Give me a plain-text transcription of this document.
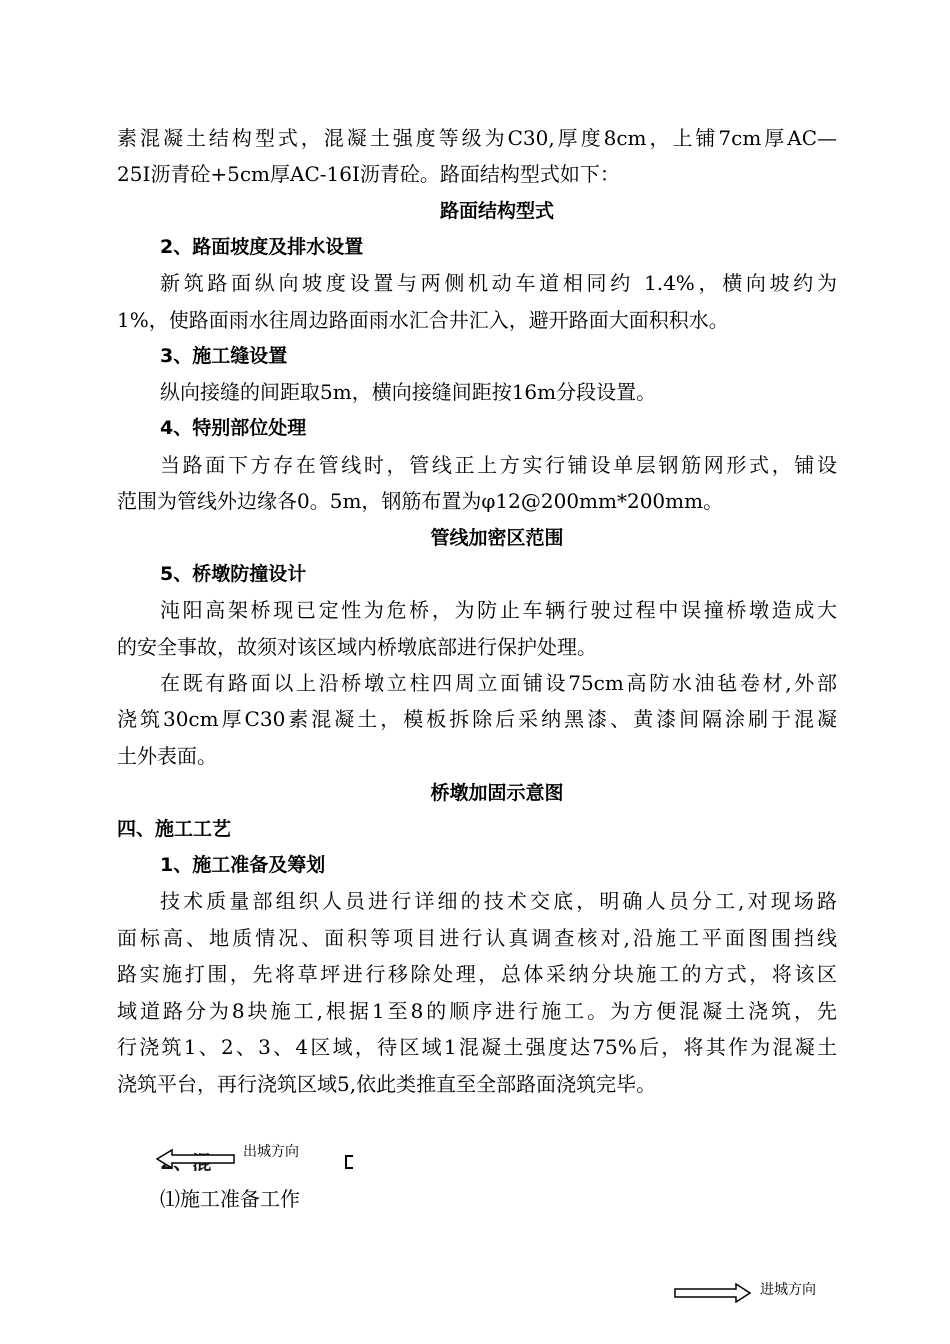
素混凝土结构型式，混凝土强度等级为C30,厚度8cm，上铺7cm厚AC—
25I沥青砼+5cm厚AC-16I沥青砼。路面结构型式如下：
路面结构型式
2、路面坡度及排水设置
新筑路面纵向坡度设置与两侧机动车道相同约 1.4%，横向坡约为
1%，使路面雨水往周边路面雨水汇合井汇入，避开路面大面积积水。
3、施工缝设置
纵向接缝的间距取5m，横向接缝间距按16m分段设置。
4、特别部位处理
当路面下方存在管线时，管线正上方实行铺设单层钢筋网形式，铺设
范围为管线外边缘各0。5m，钢筋布置为φ12@200mm*200mm。
管线加密区范围
5、桥墩防撞设计
沌阳高架桥现已定性为危桥，为防止车辆行驶过程中误撞桥墩造成大
的安全事故，故须对该区域内桥墩底部进行保护处理。
在既有路面以上沿桥墩立柱四周立面铺设75cm高防水油毡卷材,外部
浇筑30cm厚C30素混凝土，模板拆除后采纳黑漆、黄漆间隔涂刷于混凝
土外表面。
桥墩加固示意图
四、施工工艺
1、施工准备及筹划
技术质量部组织人员进行详细的技术交底，明确人员分工,对现场路
面标高、地质情况、面积等项目进行认真调查核对,沿施工平面图围挡线
路实施打围，先将草坪进行移除处理，总体采纳分块施工的方式，将该区
域道路分为8块施工,根据1至8的顺序进行施工。为方便混凝土浇筑，先
行浇筑1、2、3、4区域，待区域1混凝土强度达75%后，将其作为混凝土
浇筑平台，再行浇筑区域5,依此类推直至全部路面浇筑完毕。
出城方向
⑴施工准备工作
进城方向
